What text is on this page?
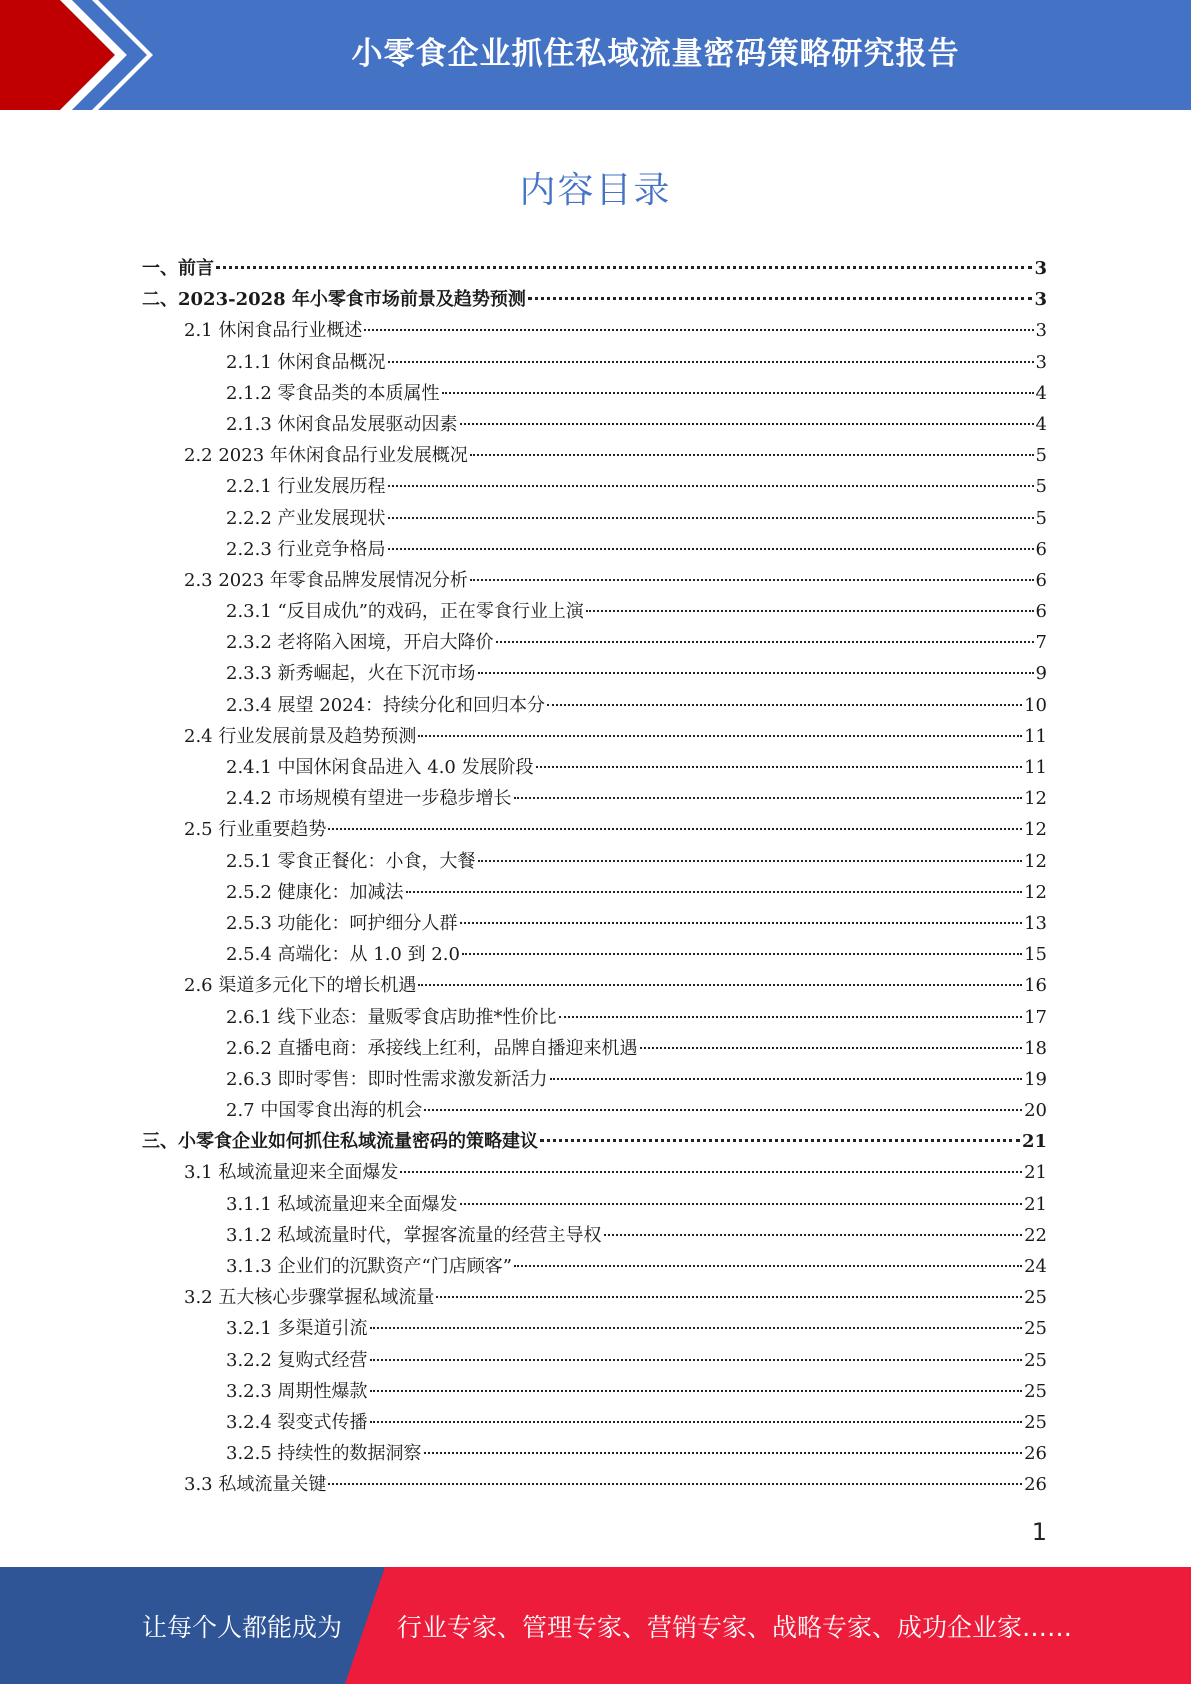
小零食企业抓住私域流量密码策略研究报告
内容目录
一、前言	3
二、2023-2028 年小零食市场前景及趋势预测	3
2.1 休闲食品行业概述	3
2.1.1 休闲食品概况	3
2.1.2 零食品类的本质属性	4
2.1.3 休闲食品发展驱动因素	4
2.2 2023 年休闲食品行业发展概况	5
2.2.1 行业发展历程	5
2.2.2 产业发展现状	5
2.2.3 行业竞争格局	6
2.3 2023 年零食品牌发展情况分析	6
2.3.1 “反目成仇”的戏码，正在零食行业上演	6
2.3.2 老将陷入困境，开启大降价	7
2.3.3 新秀崛起，火在下沉市场	9
2.3.4 展望 2024：持续分化和回归本分	10
2.4 行业发展前景及趋势预测	11
2.4.1 中国休闲食品进入 4.0 发展阶段	11
2.4.2 市场规模有望进一步稳步增长	12
2.5 行业重要趋势	12
2.5.1 零食正餐化：小食，大餐	12
2.5.2 健康化：加减法	12
2.5.3 功能化：呵护细分人群	13
2.5.4 高端化：从 1.0 到 2.0	15
2.6 渠道多元化下的增长机遇	16
2.6.1 线下业态：量贩零食店助推*性价比	17
2.6.2 直播电商：承接线上红利，品牌自播迎来机遇	18
2.6.3 即时零售：即时性需求激发新活力	19
2.7 中国零食出海的机会	20
三、小零食企业如何抓住私域流量密码的策略建议	21
3.1 私域流量迎来全面爆发	21
3.1.1 私域流量迎来全面爆发	21
3.1.2 私域流量时代，掌握客流量的经营主导权	22
3.1.3 企业们的沉默资产“门店顾客”	24
3.2 五大核心步骤掌握私域流量	25
3.2.1 多渠道引流	25
3.2.2 复购式经营	25
3.2.3 周期性爆款	25
3.2.4 裂变式传播	25
3.2.5 持续性的数据洞察	26
3.3 私域流量关键	26
1
让每个人都能成为 行业专家、管理专家、营销专家、战略专家、成功企业家……
